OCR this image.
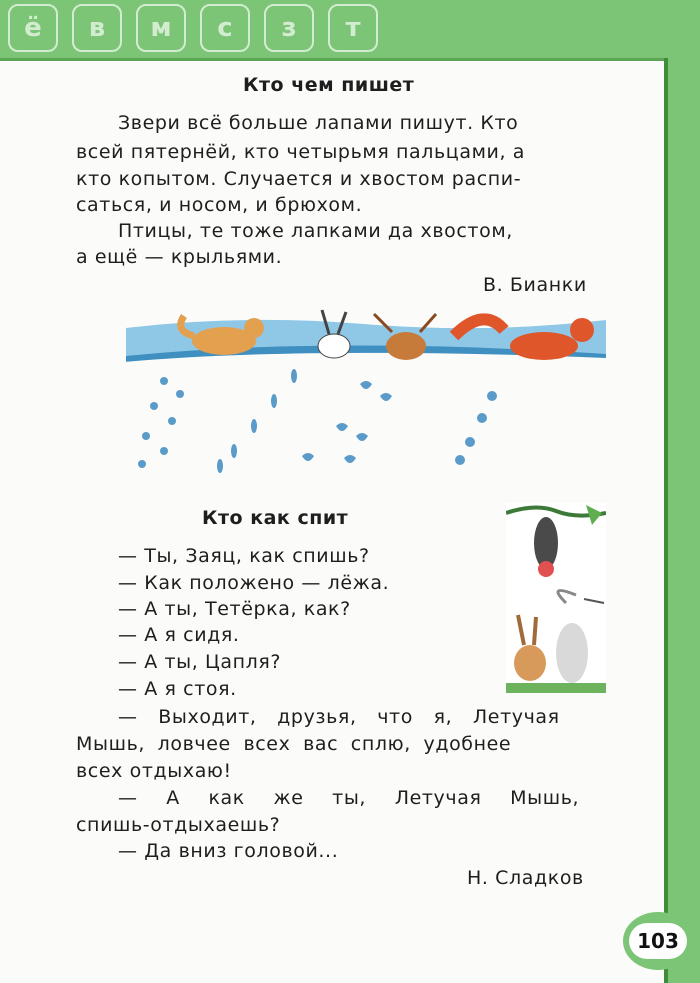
ё	в	м	с	з	т
Кто чем пишет
Звери всё больше лапами пишут. Кто
всей пятернёй, кто четырьмя пальцами, а
кто копытом. Случается и хвостом распи-
саться, и носом, и брюхом.
Птицы, те тоже лапками да хвостом,
а ещё — крыльями.
В. Бианки
Кто как спит
— Ты, Заяц, как спишь?
— Как положено — лёжа.
— А ты, Тетёрка, как?
— А я сидя.
— А ты, Цапля?
— А я стоя.
— Выходит, друзья, что я, Летучая
Мышь, ловчее всех вас сплю, удобнее
всех отдыхаю!
— А как же ты, Летучая Мышь,
спишь-отдыхаешь?
— Да вниз головой...
Н. Сладков
103
